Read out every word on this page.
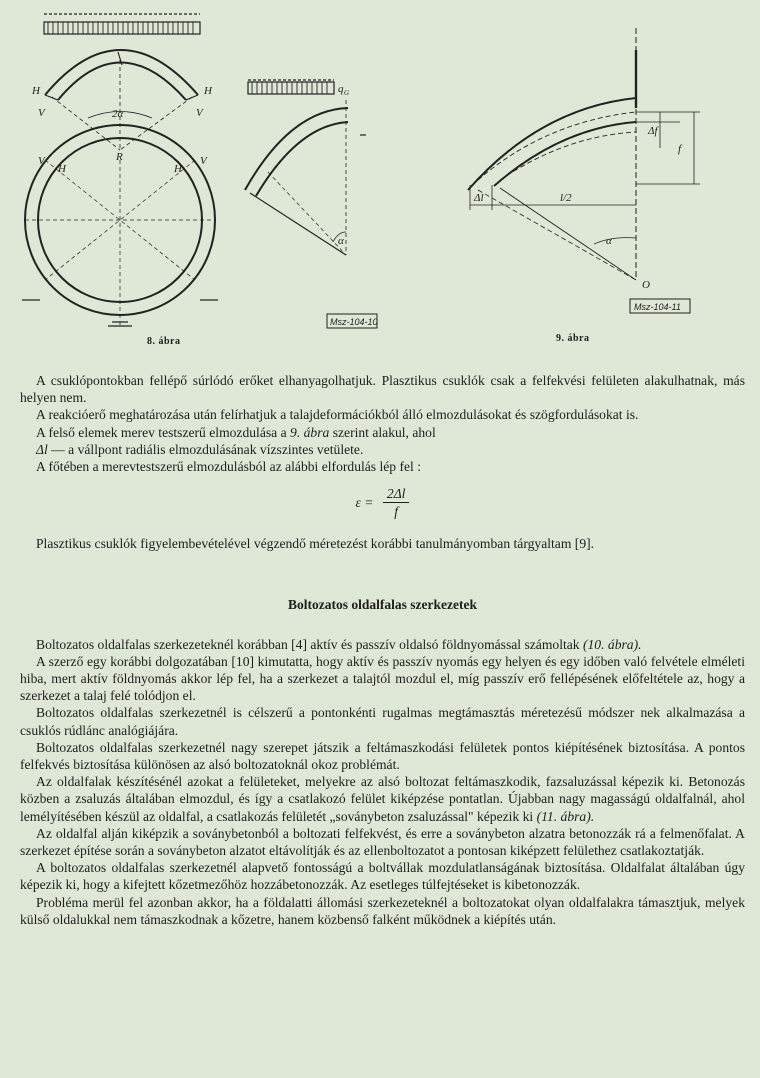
H
V
H
V
2α
R
V
H	H
V
q G
α
Δf
f
l/2
Δl
α
O
Msz-104-10
Msz-104-11
8. ábra	9. ábra

A csuklópontokban fellépő súrlódó erőket elhanyagolhatjuk. Plasztikus csuklók csak a felfekvési felületen alakulhatnak, más helyen nem.

A reakcióerő meghatározása után felírhatjuk a talajdeformációkból álló elmozdulásokat és szögfordulásokat is.

A felső elemek merev testszerű elmozdulása a 9. ábra szerint alakul, ahol

Δl — a vállpont radiális elmozdulásának vízszintes vetülete.

A főtében a merevtestszerű elmozdulásból az alábbi elfordulás lép fel :

$\varepsilon = \frac{2\Delta l}{f}$

Plasztikus csuklók figyelembevételével végzendő méretezést korábbi tanulmányomban tárgyaltam [9].

Boltozatos oldalfalas szerkezetek

Boltozatos oldalfalas szerkezeteknél korábban [4] aktív és passzív oldalsó földnyomással számoltak (10. ábra).

A szerző egy korábbi dolgozatában [10] kimutatta, hogy aktív és passzív nyomás egy helyen és egy időben való felvétele elméleti hiba, mert aktív földnyomás akkor lép fel, ha a szerkezet a talajtól mozdul el, míg passzív erő fellépésének előfeltétele az, hogy a szerkezet a talaj felé tolódjon el.

Boltozatos oldalfalas szerkezetnél is célszerű a pontonkénti rugalmas megtámasztás méretezésű módszer nek alkalmazása a csuklós rúdlánc analógiájára.

Boltozatos oldalfalas szerkezetnél nagy szerepet játszik a feltámaszkodási felületek pontos kiépítésének biztosítása. A pontos felfekvés biztosítása különösen az alsó boltozatoknál okoz problémát.

Az oldalfalak készítésénél azokat a felületeket, melyekre az alsó boltozat feltámaszkodik, fazsaluzással képezik ki. Betonozás közben a zsaluzás általában elmozdul, és így a csatlakozó felület kiképzése pontatlan. Újabban nagy magasságú oldalfalnál, ahol lemélyítésében készül az oldalfal, a csatlakozás felületét „soványbeton zsaluzással" képezik ki (11. ábra).

Az oldalfal alján kiképzik a soványbetonból a boltozati felfekvést, és erre a soványbeton alzatra betonozzák rá a felmenőfalat. A szerkezet építése során a soványbeton alzatot eltávolítják és az ellenboltozatot a pontosan kiképzett felülethez csatlakoztatják.

A boltozatos oldalfalas szerkezetnél alapvető fontosságú a boltvállak mozdulatlanságának biztosítása. Oldalfalat általában úgy képezik ki, hogy a kifejtett kőzetmezőhöz hozzábetonozzák. Az esetleges túlfejtéseket is kibetonozzák.

Probléma merül fel azonban akkor, ha a földalatti állomási szerkezeteknél a boltozatokat olyan oldalfalakra támasztjuk, melyek külső oldalukkal nem támaszkodnak a kőzetre, hanem közbenső falként működnek a kiépítés után.
